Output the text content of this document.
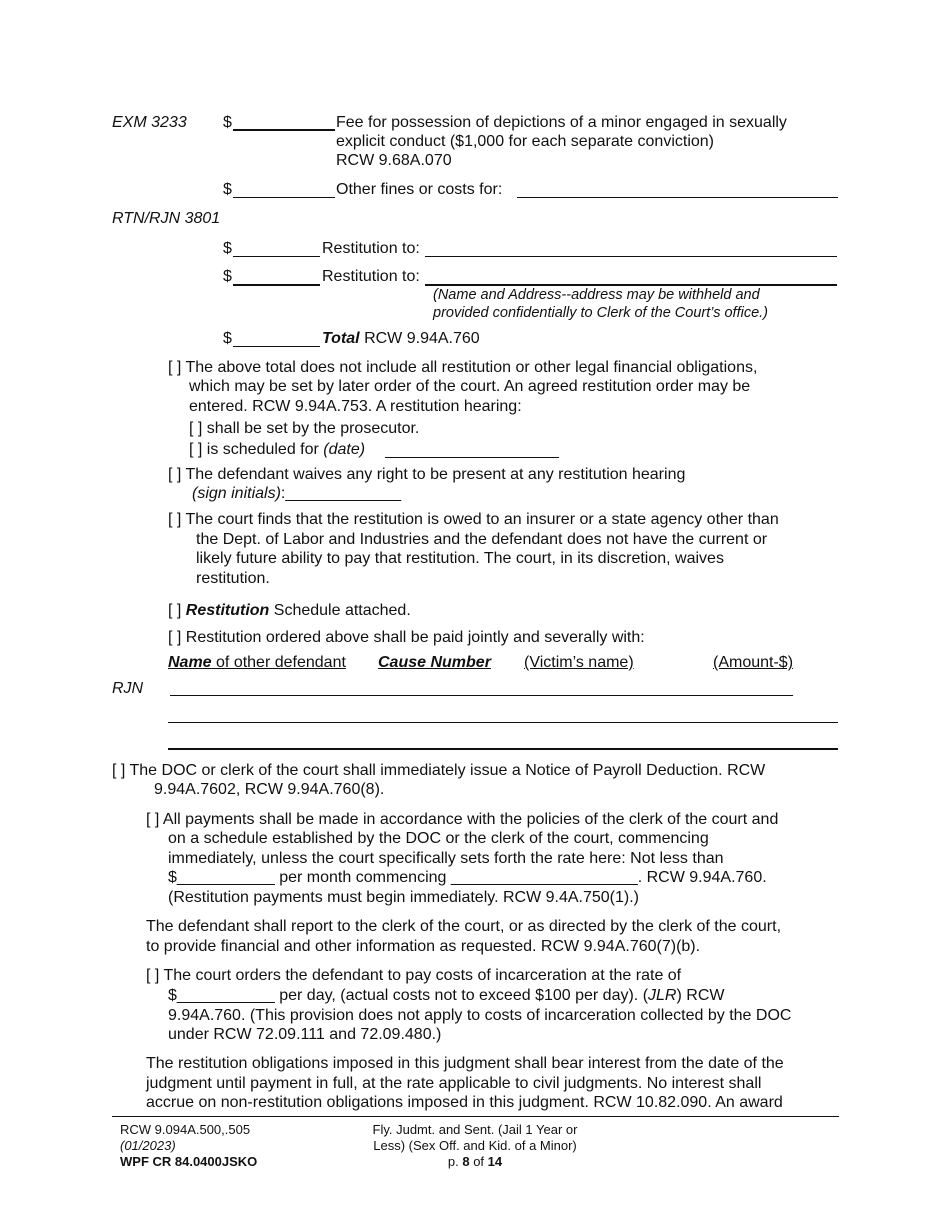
EXM 3233 $	Fee for possession of depictions of a minor engaged in sexually
explicit conduct ($1,000 for each separate conviction)
RCW 9.68A.070
$	Other fines or costs for:
RTN/RJN 3801
$	Restitution to:
$	Restitution to:
(Name and Address--address may be withheld and
provided confidentially to Clerk of the Court’s office.)
$	Total RCW 9.94A.760
[ ] The above total does not include all restitution or other legal financial obligations,
which may be set by later order of the court. An agreed restitution order may be
entered. RCW 9.94A.753. A restitution hearing:
[ ] shall be set by the prosecutor.
[ ] is scheduled for (date)
[ ] The defendant waives any right to be present at any restitution hearing
(sign initials):_____________
[ ] The court finds that the restitution is owed to an insurer or a state agency other than
the Dept. of Labor and Industries and the defendant does not have the current or
likely future ability to pay that restitution. The court, in its discretion, waives
restitution.
[ ] Restitution Schedule attached.
[ ] Restitution ordered above shall be paid jointly and severally with:
Name of other defendant Cause Number (Victim’s name)	(Amount-$)
RJN ______________________________________________________________________
[ ] The DOC or clerk of the court shall immediately issue a Notice of Payroll Deduction. RCW
9.94A.7602, RCW 9.94A.760(8).
[ ] All payments shall be made in accordance with the policies of the clerk of the court and
on a schedule established by the DOC or the clerk of the court, commencing
immediately, unless the court specifically sets forth the rate here: Not less than
$___________ per month commencing _____________________. RCW 9.94A.760.
(Restitution payments must begin immediately. RCW 9.4A.750(1).)
The defendant shall report to the clerk of the court, or as directed by the clerk of the court,
to provide financial and other information as requested. RCW 9.94A.760(7)(b).
[ ] The court orders the defendant to pay costs of incarceration at the rate of
$___________ per day, (actual costs not to exceed $100 per day). (JLR) RCW
9.94A.760. (This provision does not apply to costs of incarceration collected by the DOC
under RCW 72.09.111 and 72.09.480.)
The restitution obligations imposed in this judgment shall bear interest from the date of the
judgment until payment in full, at the rate applicable to civil judgments. No interest shall
accrue on non-restitution obligations imposed in this judgment. RCW 10.82.090. An award
RCW 9.094A.500,.505
(01/2023)
WPF CR 84.0400JSKO
Fly. Judmt. and Sent. (Jail 1 Year or
Less) (Sex Off. and Kid. of a Minor)
p. 8 of 14
